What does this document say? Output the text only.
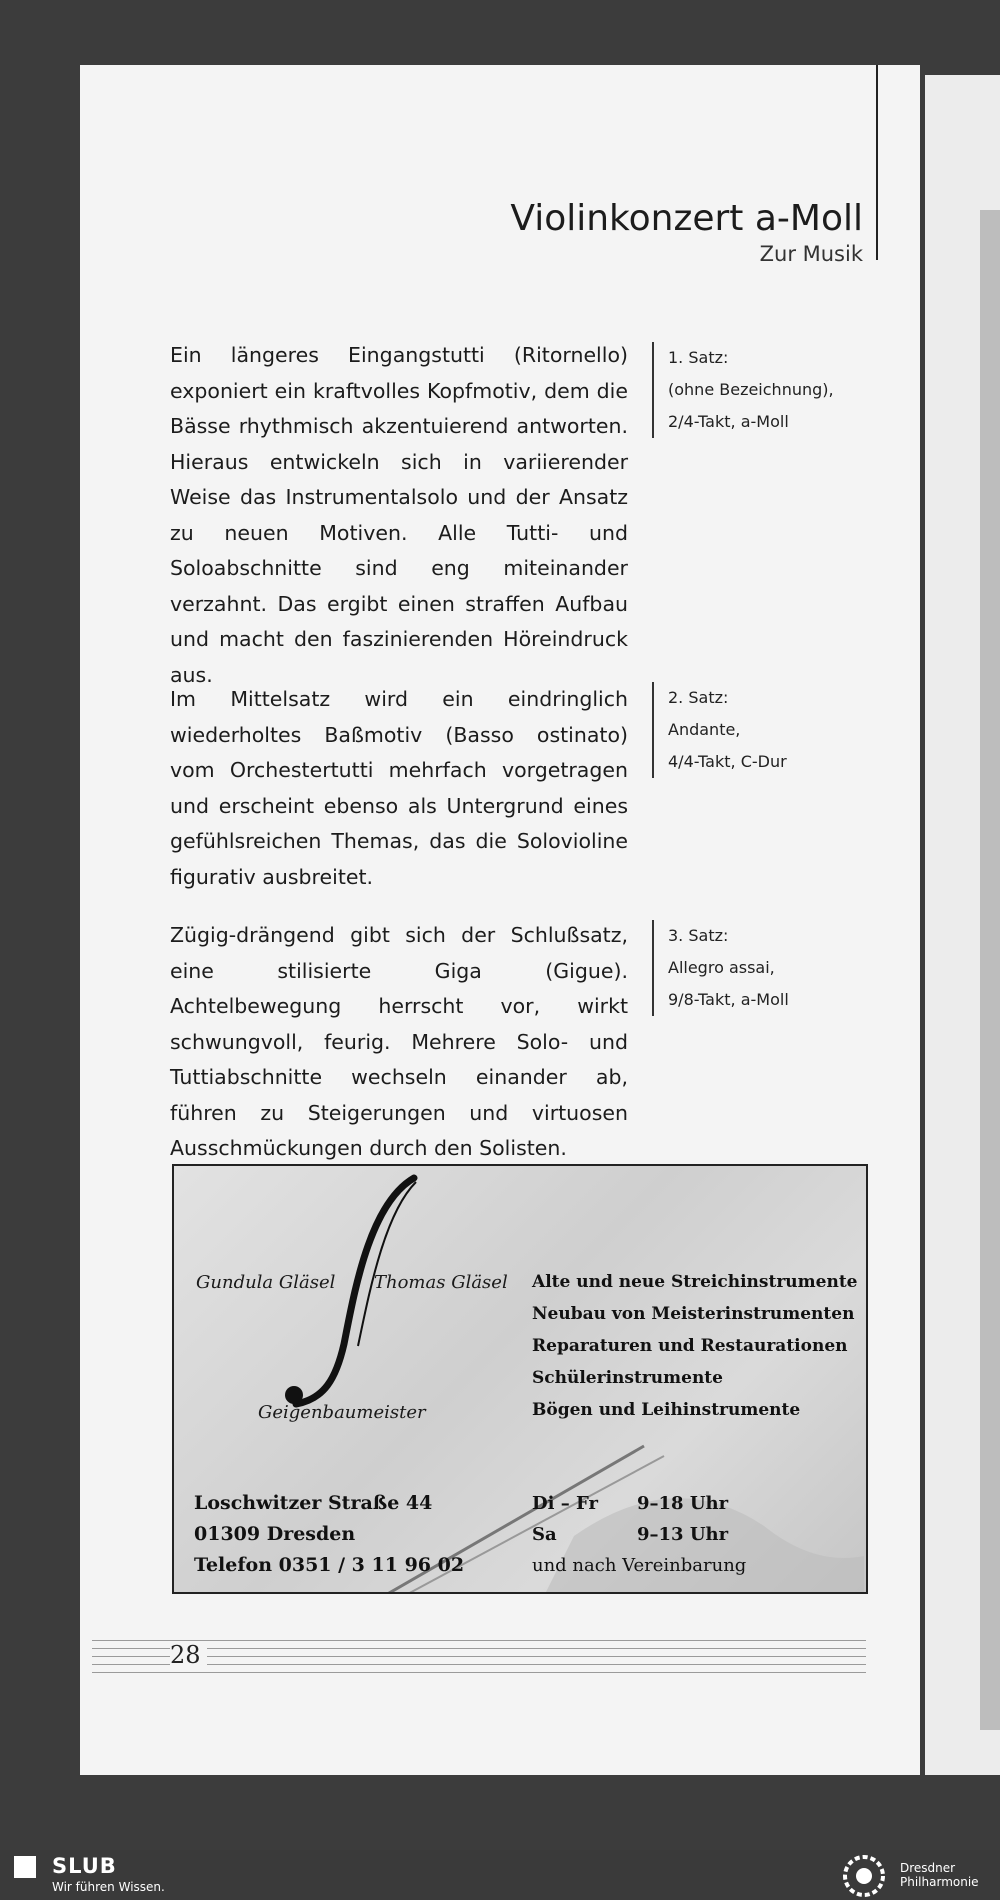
Violinkonzert a-Moll
Zur Musik
Ein längeres Eingangstutti (Ritornello) exponiert ein kraftvolles Kopfmotiv, dem die Bässe rhythmisch akzentuierend antworten. Hieraus entwickeln sich in variierender Weise das Instrumentalsolo und der Ansatz zu neuen Motiven. Alle Tutti- und Soloabschnitte sind eng miteinander verzahnt. Das ergibt einen straffen Aufbau und macht den faszinierenden Höreindruck aus.
Im Mittelsatz wird ein eindringlich wiederholtes Baßmotiv (Basso ostinato) vom Orchestertutti mehrfach vorgetragen und erscheint ebenso als Untergrund eines gefühlsreichen Themas, das die Solovioline figurativ ausbreitet.
Zügig-drängend gibt sich der Schlußsatz, eine stilisierte Giga (Gigue). Achtelbewegung herrscht vor, wirkt schwungvoll, feurig. Mehrere Solo- und Tuttiabschnitte wechseln einander ab, führen zu Steigerungen und virtuosen Ausschmückungen durch den Solisten.
1. Satz:
(ohne Bezeichnung),
2/4-Takt, a-Moll
2. Satz:
Andante,
4/4-Takt, C-Dur
3. Satz:
Allegro assai,
9/8-Takt, a-Moll
Gundula Gläsel Thomas Gläsel
Geigenbaumeister
Alte und neue Streichinstrumente
Neubau von Meisterinstrumenten
Reparaturen und Restaurationen
Schülerinstrumente
Bögen und Leihinstrumente
Loschwitzer Straße 44
01309 Dresden
Telefon 0351 / 3 11 96 02
Di – Fr	9–18 Uhr
Sa	9–13 Uhr
und nach Vereinbarung
28
SLUB
Wir führen Wissen.
Dresdner
Philharmonie
